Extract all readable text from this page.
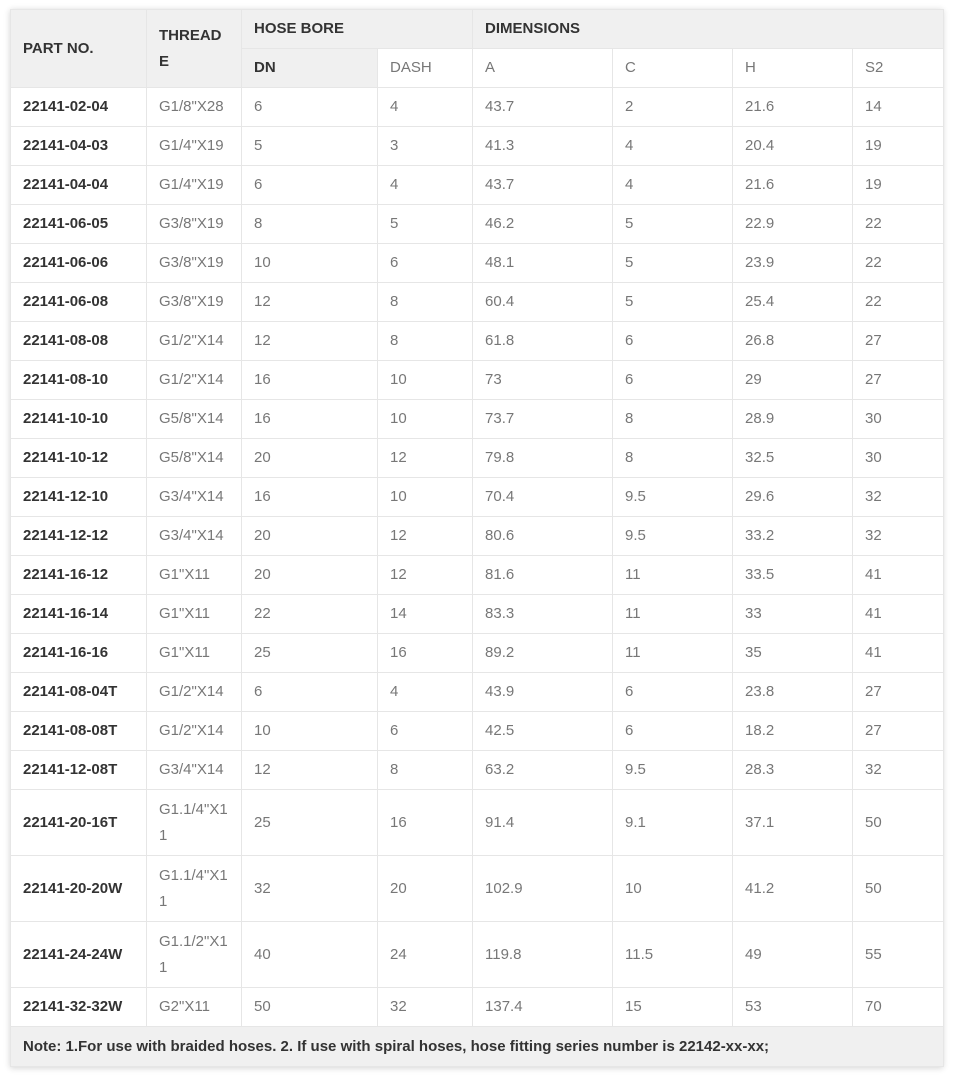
PART NO.	THREAD E	HOSE BORE		DIMENSIONS			
		DN	DASH	A	C	H	S2
22141-02-04	G1/8"X28	6	4	43.7	2	21.6	14
22141-04-03	G1/4"X19	5	3	41.3	4	20.4	19
22141-04-04	G1/4"X19	6	4	43.7	4	21.6	19
22141-06-05	G3/8"X19	8	5	46.2	5	22.9	22
22141-06-06	G3/8"X19	10	6	48.1	5	23.9	22
22141-06-08	G3/8"X19	12	8	60.4	5	25.4	22
22141-08-08	G1/2"X14	12	8	61.8	6	26.8	27
22141-08-10	G1/2"X14	16	10	73	6	29	27
22141-10-10	G5/8"X14	16	10	73.7	8	28.9	30
22141-10-12	G5/8"X14	20	12	79.8	8	32.5	30
22141-12-10	G3/4"X14	16	10	70.4	9.5	29.6	32
22141-12-12	G3/4"X14	20	12	80.6	9.5	33.2	32
22141-16-12	G1"X11	20	12	81.6	11	33.5	41
22141-16-14	G1"X11	22	14	83.3	11	33	41
22141-16-16	G1"X11	25	16	89.2	11	35	41
22141-08-04T	G1/2"X14	6	4	43.9	6	23.8	27
22141-08-08T	G1/2"X14	10	6	42.5	6	18.2	27
22141-12-08T	G3/4"X14	12	8	63.2	9.5	28.3	32
22141-20-16T	G1.1/4"X11	25	16	91.4	9.1	37.1	50
22141-20-20W	G1.1/4"X11	32	20	102.9	10	41.2	50
22141-24-24W	G1.1/2"X11	40	24	119.8	11.5	49	55
22141-32-32W	G2"X11	50	32	137.4	15	53	70
Note: 1.For use with braided hoses. 2. If use with spiral hoses, hose fitting series number is 22142-xx-xx;							
